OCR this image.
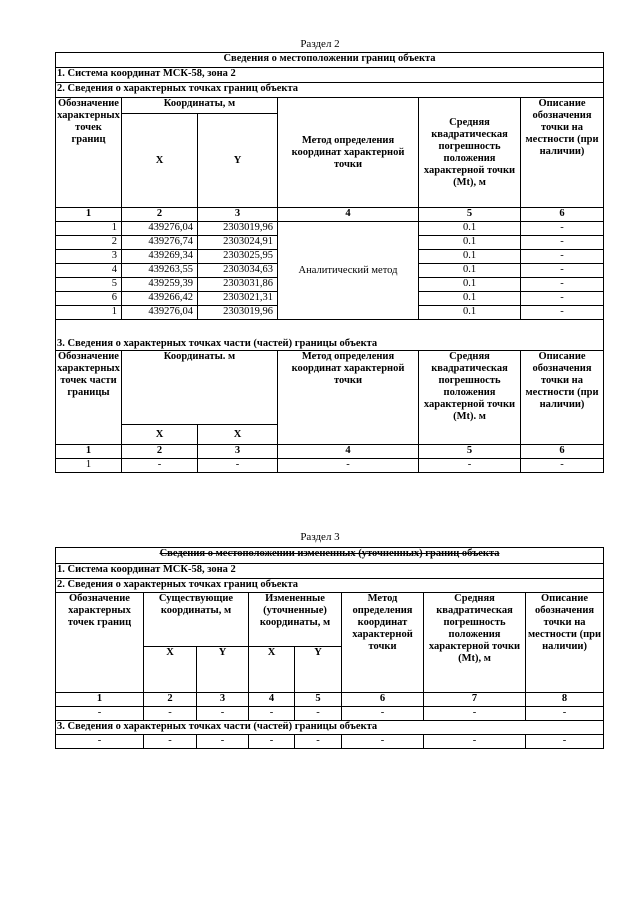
Раздел 2
Сведения о местоположении границ объекта					
1. Система координат МСК-58, зона 2					
2. Сведения о характерных точках границ объекта					
Обозначение характерных точек границ	Координаты, м		Метод определения координат характерной точки	Средняя квадратическая погрешность положения характерной точки (Mt), м	Описание обозначения точки на местности (при наличии)
	X	Y			
1	2	3	4	5	6
1	439276,04	2303019,96	Аналитический метод	0.1	-
2	439276,74	2303024,91		0.1	-
3	439269,34	2303025,95		0.1	-
4	439263,55	2303034,63		0.1	-
5	439259,39	2303031,86		0.1	-
6	439266,42	2303021,31		0.1	-
1	439276,04	2303019,96		0.1	-
3. Сведения о характерных точках части (частей) границы объекта					
Обозначение характерных точек части границы	Координаты. м		Метод определения координат характерной точки	Средняя квадратическая погрешность положения характерной точки (Mt). м	Описание обозначения точки на местности (при наличии)
	X	X			
1	2	3	4	5	6
1	-	-	-	-	-
Раздел 3
Сведения о местоположении измененных (уточненных) границ объекта							
1. Система координат МСК-58, зона 2							
2. Сведения о характерных точках границ объекта							
Обозначение характерных точек границ	Существующие координаты, м		Измененные (уточненные) координаты, м		Метод определения координат характерной точки	Средняя квадратическая погрешность положения характерной точки (Mt), м	Описание обозначения точки на местности (при наличии)
	X	Y	X	Y			
1	2	3	4	5	6	7	8
-	-	-	-	-	-	-	-
3. Сведения о характерных точках части (частей) границы объекта							
-	-	-	-	-	-	-	-
